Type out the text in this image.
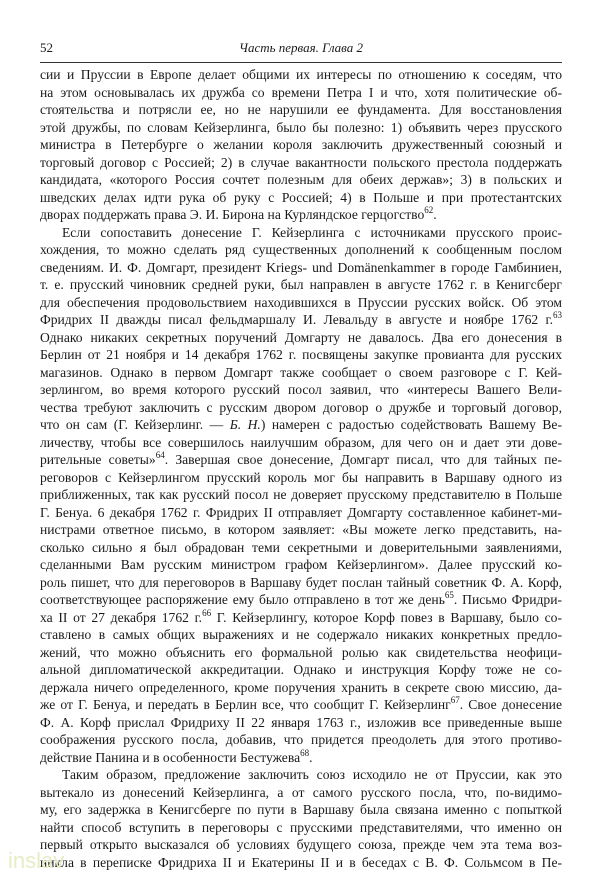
52	Часть первая. Глава 2
сии и Пруссии в Европе делает общими их интересы по отношению к соседям, что
на этом основывалась их дружба со времени Петра I и что, хотя политические об-
стоятельства и потрясли ее, но не нарушили ее фундамента. Для восстановления
этой дружбы, по словам Кейзерлинга, было бы полезно: 1) объявить через прусского
министра в Петербурге о желании короля заключить дружественный союзный и
торговый договор с Россией; 2) в случае вакантности польского престола поддержать
кандидата, «которого Россия сочтет полезным для обеих держав»; 3) в польских и
шведских делах идти рука об руку с Россией; 4) в Польше и при протестантских
дворах поддержать права Э. И. Бирона на Курляндское герцогство$^{62}$.
Если сопоставить донесение Г. Кейзерлинга с источниками прусского проис-
хождения, то можно сделать ряд существенных дополнений к сообщенным послом
сведениям. И. Ф. Домгарт, президент Kriegs- und Domänenkammer в городе Гамбиниен,
т. е. прусский чиновник средней руки, был направлен в августе 1762 г. в Кенигсберг
для обеспечения продовольствием находившихся в Пруссии русских войск. Об этом
Фридрих II дважды писал фельдмаршалу И. Левальду в августе и ноябре 1762 г.$^{63}$
Однако никаких секретных поручений Домгарту не давалось. Два его донесения в
Берлин от 21 ноября и 14 декабря 1762 г. посвящены закупке провианта для русских
магазинов. Однако в первом Домгарт также сообщает о своем разговоре с Г. Кей-
зерлингом, во время которого русский посол заявил, что «интересы Вашего Вели-
чества требуют заключить с русским двором договор о дружбе и торговый договор,
что он сам (Г. Кейзерлинг. — Б. Н.) намерен с радостью содействовать Вашему Ве-
личеству, чтобы все совершилось наилучшим образом, для чего он и дает эти дове-
рительные советы»$^{64}$. Завершая свое донесение, Домгарт писал, что для тайных пе-
реговоров с Кейзерлингом прусский король мог бы направить в Варшаву одного из
приближенных, так как русский посол не доверяет прусскому представителю в Польше
Г. Бенуа. 6 декабря 1762 г. Фридрих II отправляет Домгарту составленное кабинет-ми-
нистрами ответное письмо, в котором заявляет: «Вы можете легко представить, на-
сколько сильно я был обрадован теми секретными и доверительными заявлениями,
сделанными Вам русским министром графом Кейзерлингом». Далее прусский ко-
роль пишет, что для переговоров в Варшаву будет послан тайный советник Ф. А. Корф,
соответствующее распоряжение ему было отправлено в тот же день$^{65}$. Письмо Фридри-
ха II от 27 декабря 1762 г.$^{66}$ Г. Кейзерлингу, которое Корф повез в Варшаву, было со-
ставлено в самых общих выражениях и не содержало никаких конкретных предло-
жений, что можно объяснить его формальной ролью как свидетельства неофици-
альной дипломатической аккредитации. Однако и инструкция Корфу тоже не со-
держала ничего определенного, кроме поручения хранить в секрете свою миссию, да-
же от Г. Бенуа, и передать в Берлин все, что сообщит Г. Кейзерлинг$^{67}$. Свое донесение
Ф. А. Корф прислал Фридриху II 22 января 1763 г., изложив все приведенные выше
соображения русского посла, добавив, что придется преодолеть для этого противо-
действие Панина и в особенности Бестужева$^{68}$.
Таким образом, предложение заключить союз исходило не от Пруссии, как это
вытекало из донесений Кейзерлинга, а от самого русского посла, что, по-видимо-
му, его задержка в Кенигсберге по пути в Варшаву была связана именно с попыткой
найти способ вступить в переговоры с прусскими представителями, что именно он
первый открыто высказался об условиях будущего союза, прежде чем эта тема воз-
никла в переписке Фридриха II и Екатерины II и в беседах с В. Ф. Сольмсом в Пе-
inslav
